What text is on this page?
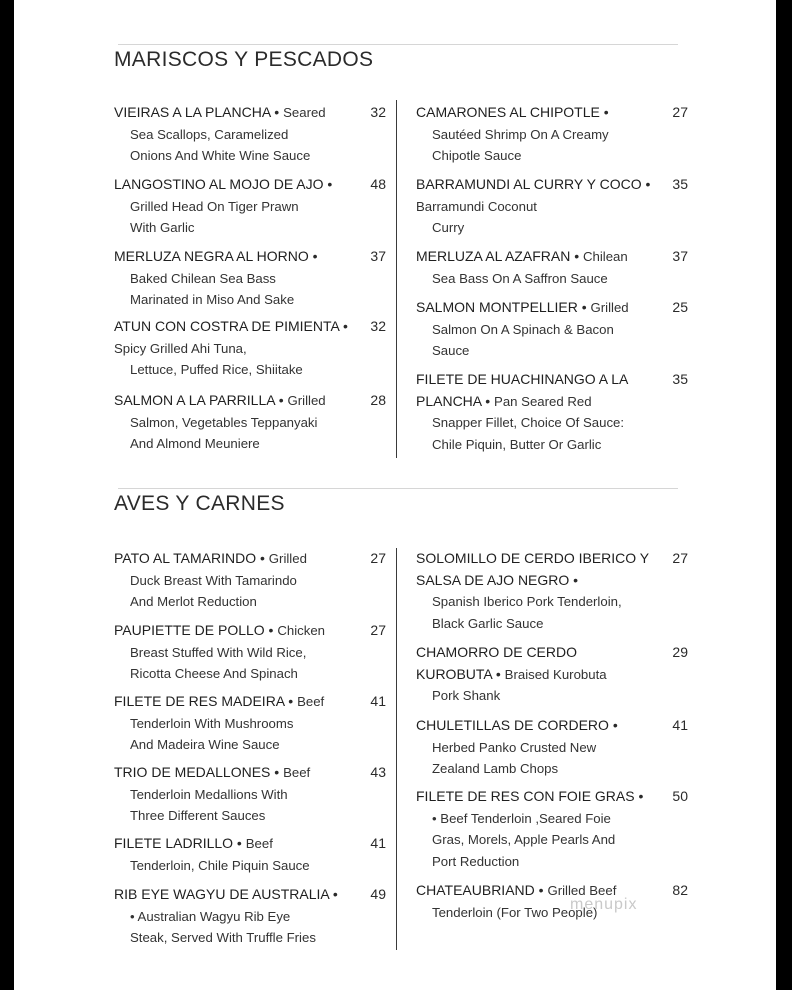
MARISCOS Y PESCADOS
VIEIRAS A LA PLANCHA • Seared
Sea Scallops, Caramelized
Onions And White Wine Sauce
32
LANGOSTINO AL MOJO DE AJO •
Grilled Head On Tiger Prawn
With Garlic
48
MERLUZA NEGRA AL HORNO •
Baked Chilean Sea Bass
Marinated in Miso And Sake
37
ATUN CON COSTRA DE PIMIENTA • Spicy Grilled Ahi Tuna,
Lettuce, Puffed Rice, Shiitake
32
SALMON A LA PARRILLA • Grilled
Salmon, Vegetables Teppanyaki
And Almond Meuniere
28
CAMARONES AL CHIPOTLE •
Sautéed Shrimp On A Creamy
Chipotle Sauce
27
BARRAMUNDI AL CURRY Y COCO • Barramundi Coconut
Curry
35
MERLUZA AL AZAFRAN • Chilean
Sea Bass On A Saffron Sauce
37
SALMON MONTPELLIER • Grilled
Salmon On A Spinach & Bacon
Sauce
25
FILETE DE HUACHINANGO A LA PLANCHA • Pan Seared Red
Snapper Fillet, Choice Of Sauce:
Chile Piquin, Butter Or Garlic
35
AVES Y CARNES
PATO AL TAMARINDO • Grilled
Duck Breast With Tamarindo
And Merlot Reduction
27
PAUPIETTE DE POLLO • Chicken
Breast Stuffed With Wild Rice,
Ricotta Cheese And Spinach
27
FILETE DE RES MADEIRA • Beef
Tenderloin With Mushrooms
And Madeira Wine Sauce
41
TRIO DE MEDALLONES • Beef
Tenderloin Medallions With
Three Different Sauces
43
FILETE LADRILLO • Beef
Tenderloin, Chile Piquin Sauce
41
RIB EYE WAGYU DE AUSTRALIA •
• Australian Wagyu Rib Eye
Steak, Served With Truffle Fries
49
SOLOMILLO DE CERDO IBERICO Y SALSA DE AJO NEGRO •
Spanish Iberico Pork Tenderloin,
Black Garlic Sauce
27
CHAMORRO DE CERDO KUROBUTA • Braised Kurobuta
Pork Shank
29
CHULETILLAS DE CORDERO •
Herbed Panko Crusted New
Zealand Lamb Chops
41
FILETE DE RES CON FOIE GRAS •
• Beef Tenderloin ,Seared Foie
Gras, Morels, Apple Pearls And
Port Reduction
50
CHATEAUBRIAND • Grilled Beef
Tenderloin (For Two People)
82
menupix
